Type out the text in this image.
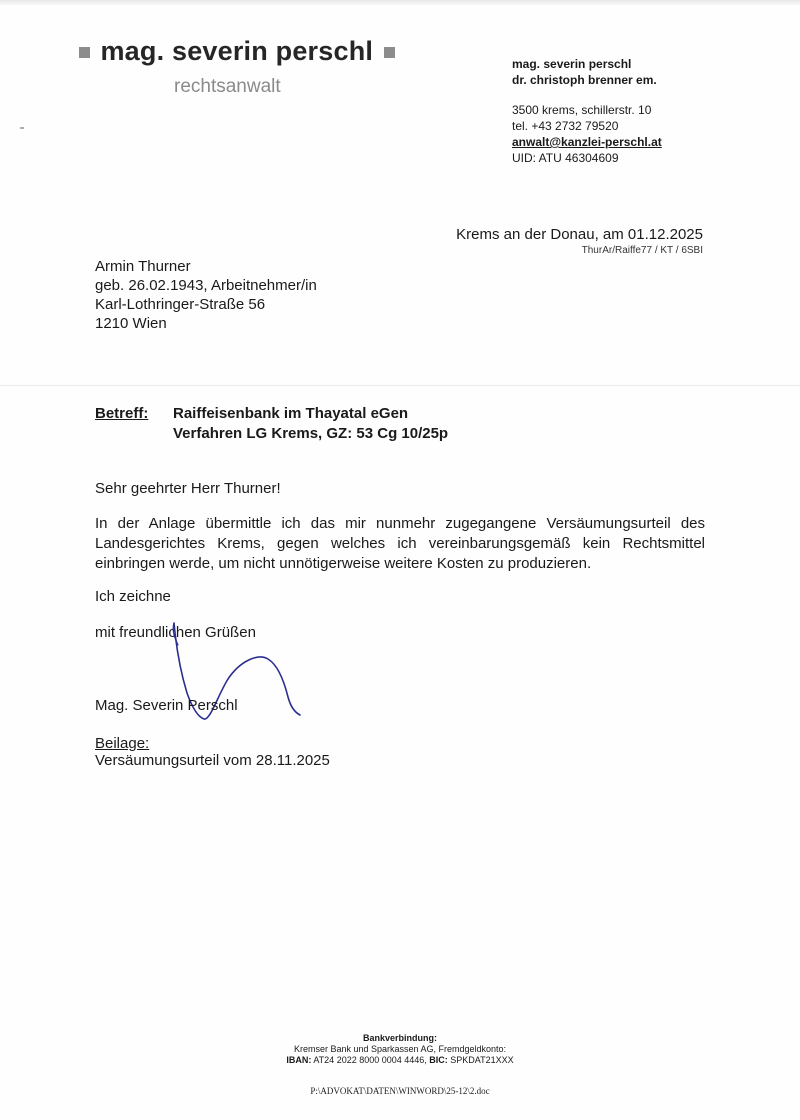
mag. severin perschl
rechtsanwalt
mag. severin perschl
dr. christoph brenner em.
3500 krems, schillerstr. 10
tel. +43 2732 79520
anwalt@kanzlei-perschl.at
UID: ATU 46304609
Krems an der Donau, am 01.12.2025
ThurAr/Raiffe77 / KT / 6SBI
Armin Thurner
geb. 26.02.1943, Arbeitnehmer/in
Karl-Lothringer-Straße 56
1210 Wien
Betreff: Raiffeisenbank im Thayatal eGen
Verfahren LG Krems, GZ: 53 Cg 10/25p
Sehr geehrter Herr Thurner!
In der Anlage übermittle ich das mir nunmehr zugegangene Versäumungsurteil des
Landesgerichtes Krems, gegen welches ich vereinbarungsgemäß kein Rechtsmittel
einbringen werde, um nicht unnötigerweise weitere Kosten zu produzieren.
Ich zeichne
mit freundlichen Grüßen
Mag. Severin Perschl
Beilage:
Versäumungsurteil vom 28.11.2025
Bankverbindung:
Kremser Bank und Sparkassen AG, Fremdgeldkonto:
IBAN: AT24 2022 8000 0004 4446, BIC: SPKDAT21XXX
P:\ADVOKAT\DATEN\WINWORD\25-12\2.doc
